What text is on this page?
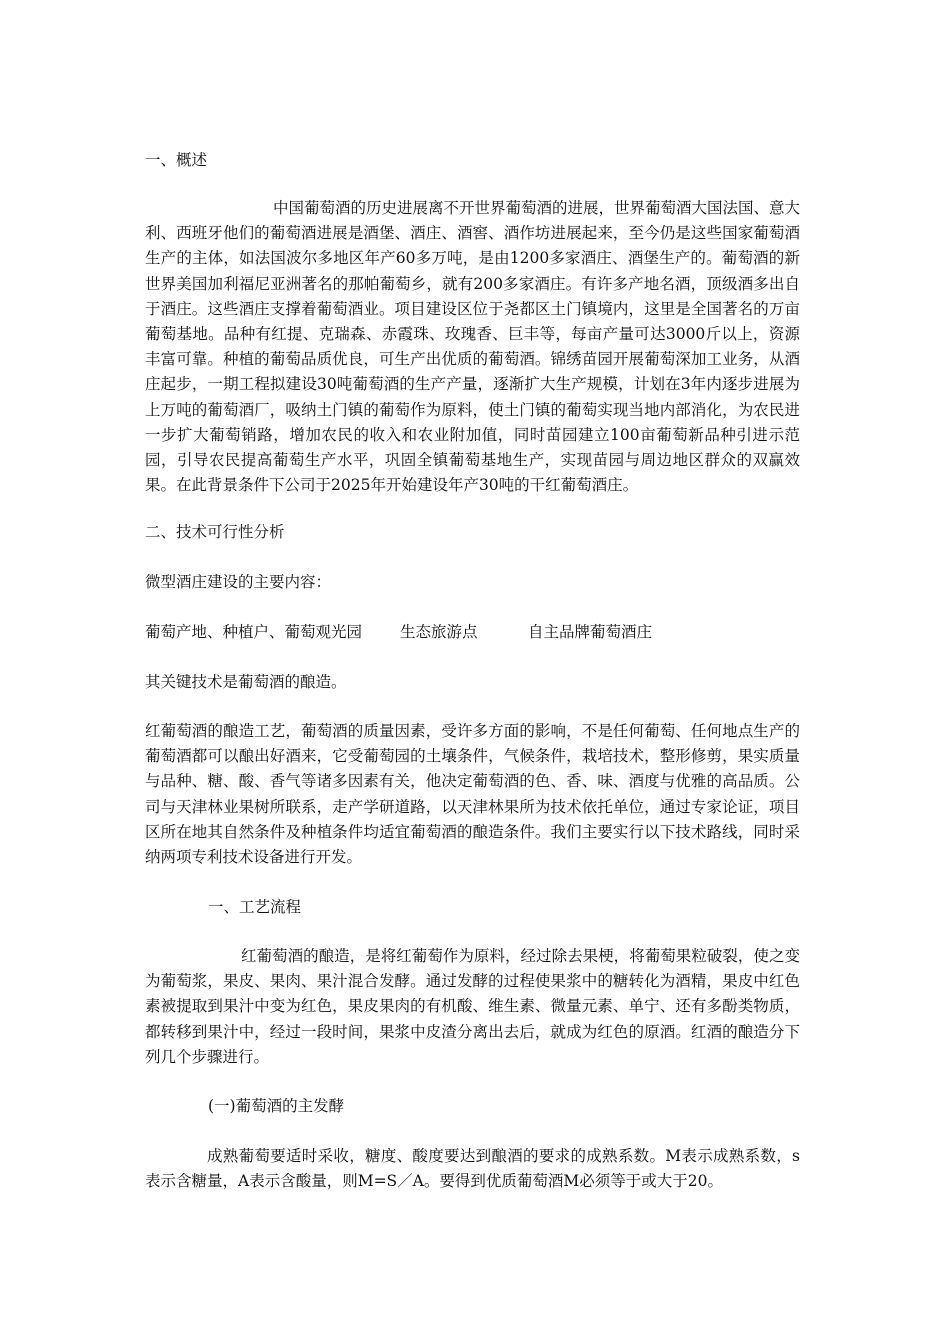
一、概述

中国葡萄酒的历史进展离不开世界葡萄酒的进展，世界葡萄酒大国法国、意大利、西班牙他们的葡萄酒进展是酒堡、酒庄、酒窖、酒作坊进展起来，至今仍是这些国家葡萄酒生产的主体，如法国波尔多地区年产60多万吨，是由1200多家酒庄、酒堡生产的。葡萄酒的新世界美国加利福尼亚洲著名的那帕葡萄乡，就有200多家酒庄。有许多产地名酒，顶级酒多出自于酒庄。这些酒庄支撑着葡萄酒业。项目建设区位于尧都区土门镇境内，这里是全国著名的万亩葡萄基地。品种有红提、克瑞森、赤霞珠、玫瑰香、巨丰等，每亩产量可达3000斤以上，资源丰富可靠。种植的葡萄品质优良，可生产出优质的葡萄酒。锦绣苗园开展葡萄深加工业务，从酒庄起步，一期工程拟建设30吨葡萄酒的生产产量，逐渐扩大生产规模，计划在3年内逐步进展为上万吨的葡萄酒厂，吸纳土门镇的葡萄作为原料，使土门镇的葡萄实现当地内部消化，为农民进一步扩大葡萄销路，增加农民的收入和农业附加值，同时苗园建立100亩葡萄新品种引进示范园，引导农民提高葡萄生产水平，巩固全镇葡萄基地生产，实现苗园与周边地区群众的双赢效果。在此背景条件下公司于2025年开始建设年产30吨的干红葡萄酒庄。

二、技术可行性分析

微型酒庄建设的主要内容：

葡萄产地、种植户、葡萄观光园 生态旅游点	自主品牌葡萄酒庄

其关键技术是葡萄酒的酿造。

红葡萄酒的酿造工艺，葡萄酒的质量因素，受许多方面的影响，不是任何葡萄、任何地点生产的葡萄酒都可以酿出好酒来，它受葡萄园的土壤条件，气候条件，栽培技术，整形修剪，果实质量与品种、糖、酸、香气等诸多因素有关，他决定葡萄酒的色、香、味、酒度与优雅的高品质。公司与天津林业果树所联系，走产学研道路，以天津林果所为技术依托单位，通过专家论证，项目区所在地其自然条件及种植条件均适宜葡萄酒的酿造条件。我们主要实行以下技术路线，同时采纳两项专利技术设备进行开发。

一、工艺流程

红葡萄酒的酿造，是将红葡萄作为原料，经过除去果梗，将葡萄果粒破裂，使之变为葡萄浆，果皮、果肉、果汁混合发酵。通过发酵的过程使果浆中的糖转化为酒精，果皮中红色素被提取到果汁中变为红色，果皮果肉的有机酸、维生素、微量元素、单宁、还有多酚类物质，都转移到果汁中，经过一段时间，果浆中皮渣分离出去后，就成为红色的原酒。红酒的酿造分下列几个步骤进行。

(一)葡萄酒的主发酵

成熟葡萄要适时采收，糖度、酸度要达到酿酒的要求的成熟系数。M表示成熟系数，s表示含糖量，A表示含酸量，则M=S／A。要得到优质葡萄酒M必须等于或大于20。
